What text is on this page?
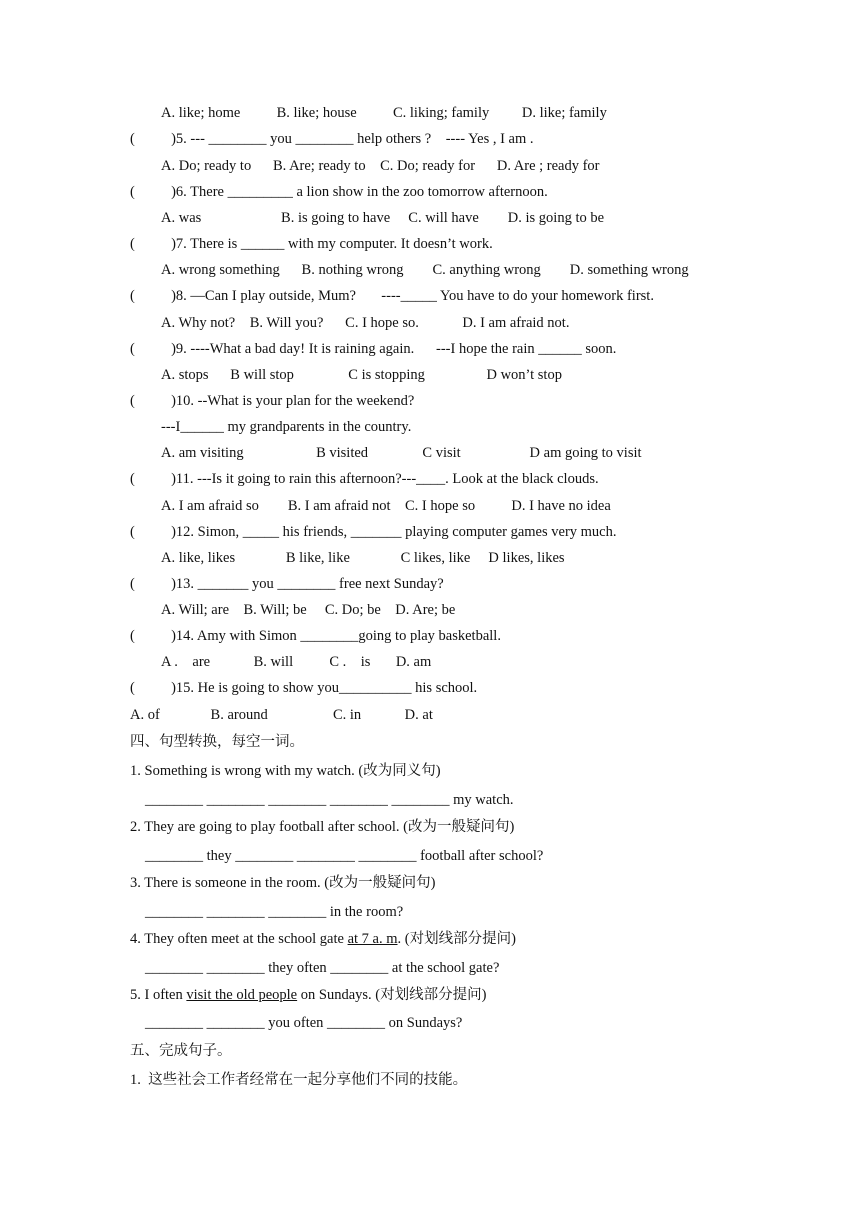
A. like; home          B. like; house          C. liking; family         D. like; family
(          )5. --- ________ you ________ help others ?    ---- Yes , I am .
A. Do; ready to      B. Are; ready to    C. Do; ready for      D. Are ; ready for
(          )6. There _________ a lion show in the zoo tomorrow afternoon.
A. was                      B. is going to have     C. will have        D. is going to be
(          )7. There is ______ with my computer. It doesn’t work.
A. wrong something      B. nothing wrong        C. anything wrong        D. something wrong
(          )8. —Can I play outside, Mum?       ----_____ You have to do your homework first.
A. Why not?    B. Will you?      C. I hope so.            D. I am afraid not.
(          )9. ----What a bad day! It is raining again.      ---I hope the rain ______ soon.
A. stops      B will stop               C is stopping                 D won’t stop
(          )10. --What is your plan for the weekend?
---I______ my grandparents in the country.
A. am visiting                    B visited               C visit                   D am going to visit
(          )11. ---Is it going to rain this afternoon?---____. Look at the black clouds.
A. I am afraid so        B. I am afraid not    C. I hope so          D. I have no idea
(          )12. Simon, _____ his friends, _______ playing computer games very much.
A. like, likes              B like, like              C likes, like     D likes, likes
(          )13. _______ you ________ free next Sunday?
A. Will; are    B. Will; be     C. Do; be    D. Are; be
(          )14. Amy with Simon ________going to play basketball.
A .    are            B. will          C .    is       D. am
(          )15. He is going to show you__________ his school.
A. of              B. around                  C. in            D. at
四、句型转换，每空一词。
1. Something is wrong with my watch. (改为同义句)
________ ________ ________ ________ ________ my watch.
2. They are going to play football after school. (改为一般疑问句)
________ they ________ ________ ________ football after school?
3. There is someone in the room. (改为一般疑问句)
________ ________ ________ in the room?
4. They often meet at the school gate at 7 a. m. (对划线部分提问)
________ ________ they often ________ at the school gate?
5. I often visit the old people on Sundays. (对划线部分提问)
________ ________ you often ________ on Sundays?
五、完成句子。
1.  这些社会工作者经常在一起分享他们不同的技能。
